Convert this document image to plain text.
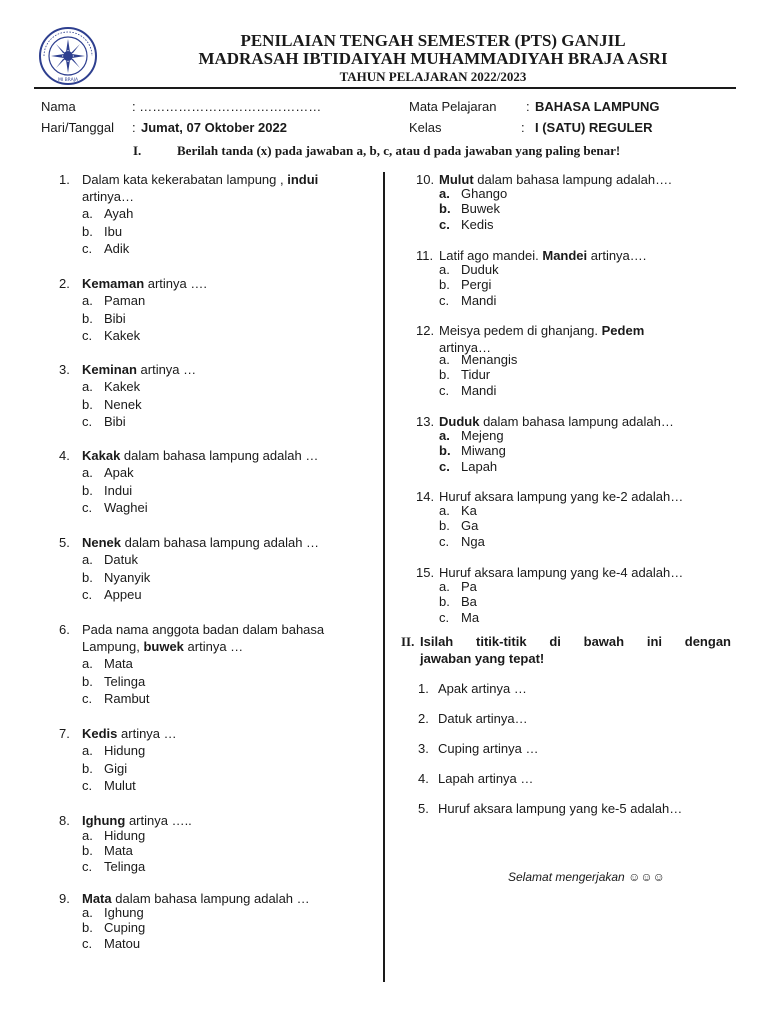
MI BRAJA
PENILAIAN TENGAH SEMESTER (PTS) GANJIL
MADRASAH IBTIDAIYAH MUHAMMADIYAH BRAJA ASRI
TAHUN PELAJARAN 2022/2023
Nama	: ……………………………………
Hari/Tanggal : Jumat, 07 Oktober 2022
Mata Pelajaran : BAHASA LAMPUNG
Kelas	: I (SATU) REGULER
I.	Berilah tanda (x) pada jawaban a, b, c, atau d pada jawaban yang paling benar!
1. Dalam kata kekerabatan lampung , indui
artinya…
a. Ayah
b. Ibu
c. Adik
2. Kemaman artinya ….
a. Paman
b. Bibi
c. Kakek
3. Keminan artinya …
a. Kakek
b. Nenek
c. Bibi
4. Kakak dalam bahasa lampung adalah …
a. Apak
b. Indui
c. Waghei
5. Nenek dalam bahasa lampung adalah …
a. Datuk
b. Nyanyik
c. Appeu
6. Pada nama anggota badan dalam bahasa
Lampung, buwek artinya …
a. Mata
b. Telinga
c. Rambut
7. Kedis artinya …
a. Hidung
b. Gigi
c. Mulut
8. Ighung artinya …..
a. Hidung
b. Mata
c. Telinga
9. Mata dalam bahasa lampung adalah …
a. Ighung
b. Cuping
c. Matou
10. Mulut dalam bahasa lampung adalah….
a. Ghango
b. Buwek
c. Kedis
11. Latif ago mandei. Mandei artinya….
a. Duduk
b. Pergi
c. Mandi
12. Meisya pedem di ghanjang. Pedem
artinya…
a. Menangis
b. Tidur
c. Mandi
13. Duduk dalam bahasa lampung adalah…
a. Mejeng
b. Miwang
c. Lapah
14. Huruf aksara lampung yang ke-2 adalah…
a. Ka
b. Ga
c. Nga
15. Huruf aksara lampung yang ke-4 adalah…
a. Pa
b. Ba
c. Ma
II. Isilah titik-titik di bawah ini dengan
jawaban yang tepat!
1. Apak artinya …
2. Datuk artinya…
3. Cuping artinya …
4. Lapah artinya …
5. Huruf aksara lampung yang ke-5 adalah…
Selamat mengerjakan ☺☺☺
